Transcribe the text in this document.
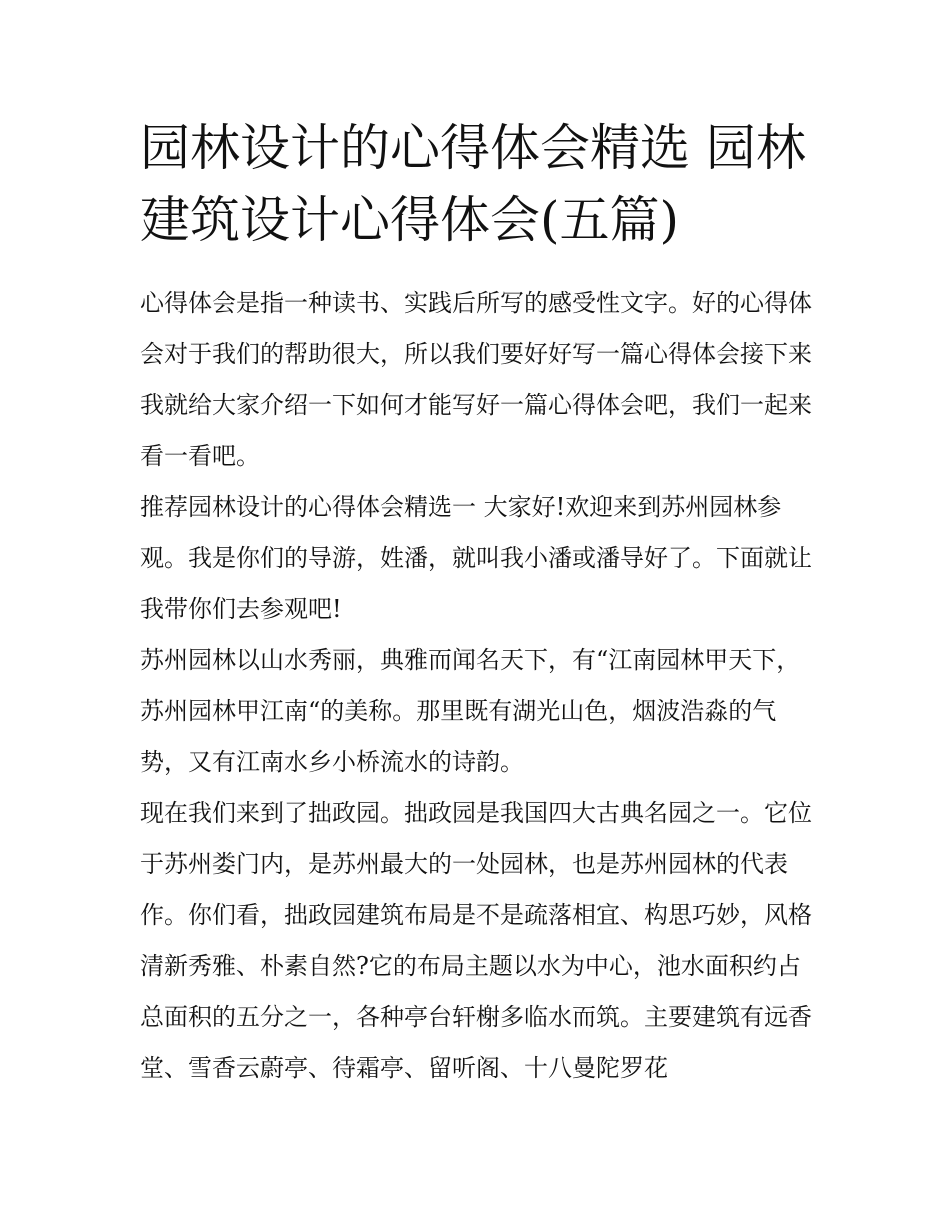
园林设计的心得体会精选 园林建筑设计心得体会(五篇)

心得体会是指一种读书、实践后所写的感受性文字。好的心得体会对于我们的帮助很大，所以我们要好好写一篇心得体会接下来我就给大家介绍一下如何才能写好一篇心得体会吧，我们一起来看一看吧。

推荐园林设计的心得体会精选一 大家好!欢迎来到苏州园林参观。我是你们的导游，姓潘，就叫我小潘或潘导好了。下面就让我带你们去参观吧!

苏州园林以山水秀丽，典雅而闻名天下，有“江南园林甲天下，苏州园林甲江南“的美称。那里既有湖光山色，烟波浩淼的气势，又有江南水乡小桥流水的诗韵。

现在我们来到了拙政园。拙政园是我国四大古典名园之一。它位于苏州娄门内，是苏州最大的一处园林，也是苏州园林的代表作。你们看，拙政园建筑布局是不是疏落相宜、构思巧妙，风格清新秀雅、朴素自然?它的布局主题以水为中心，池水面积约占总面积的五分之一，各种亭台轩榭多临水而筑。主要建筑有远香堂、雪香云蔚亭、待霜亭、留听阁、十八曼陀罗花
